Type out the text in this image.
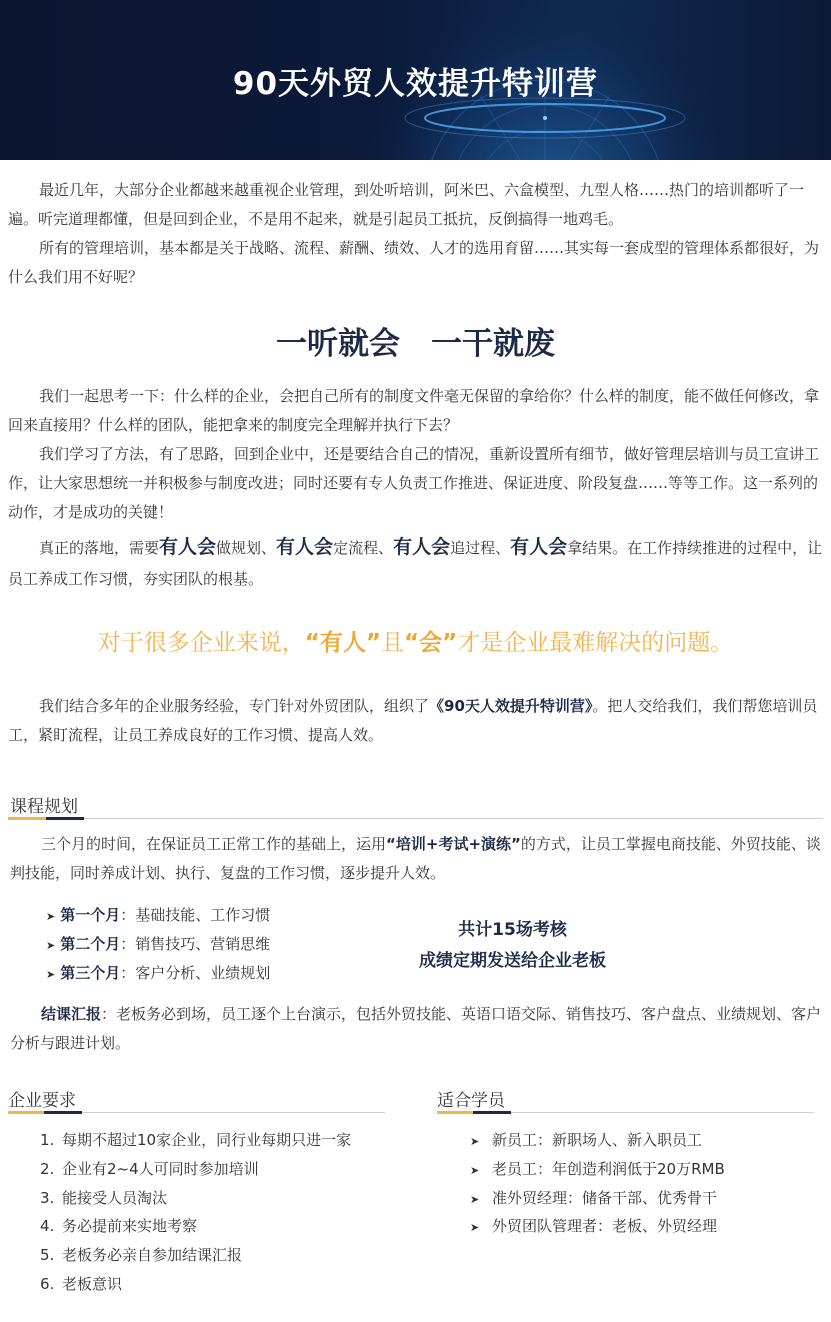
90天外贸人效提升特训营
最近几年，大部分企业都越来越重视企业管理，到处听培训，阿米巴、六盒模型、九型人格……热门的培训都听了一遍。听完道理都懂，但是回到企业，不是用不起来，就是引起员工抵抗，反倒搞得一地鸡毛。
所有的管理培训，基本都是关于战略、流程、薪酬、绩效、人才的选用育留……其实每一套成型的管理体系都很好，为什么我们用不好呢？
一听就会　一干就废
我们一起思考一下：什么样的企业，会把自己所有的制度文件毫无保留的拿给你？什么样的制度，能不做任何修改，拿回来直接用？什么样的团队，能把拿来的制度完全理解并执行下去？
我们学习了方法，有了思路，回到企业中，还是要结合自己的情况，重新设置所有细节，做好管理层培训与员工宣讲工作，让大家思想统一并积极参与制度改进；同时还要有专人负责工作推进、保证进度、阶段复盘……等等工作。这一系列的动作，才是成功的关键！
真正的落地，需要有人会做规划、有人会定流程、有人会追过程、有人会拿结果。在工作持续推进的过程中，让员工养成工作习惯，夯实团队的根基。
对于很多企业来说，“有人”且“会”才是企业最难解决的问题。
我们结合多年的企业服务经验，专门针对外贸团队，组织了《90天人效提升特训营》。把人交给我们，我们帮您培训员工，紧盯流程，让员工养成良好的工作习惯、提高人效。
课程规划
三个月的时间，在保证员工正常工作的基础上，运用“培训+考试+演练”的方式，让员工掌握电商技能、外贸技能、谈判技能，同时养成计划、执行、复盘的工作习惯，逐步提升人效。
➤ 第一个月：基础技能、工作习惯
➤ 第二个月：销售技巧、营销思维
➤ 第三个月：客户分析、业绩规划
共计15场考核
成绩定期发送给企业老板
结课汇报：老板务必到场，员工逐个上台演示，包括外贸技能、英语口语交际、销售技巧、客户盘点、业绩规划、客户分析与跟进计划。
企业要求
1. 每期不超过10家企业，同行业每期只进一家
2. 企业有2~4人可同时参加培训
3. 能接受人员淘汰
4. 务必提前来实地考察
5. 老板务必亲自参加结课汇报
6. 老板意识
适合学员
➤ 新员工：新职场人、新入职员工
➤ 老员工：年创造利润低于20万RMB
➤ 准外贸经理：储备干部、优秀骨干
➤ 外贸团队管理者：老板、外贸经理
